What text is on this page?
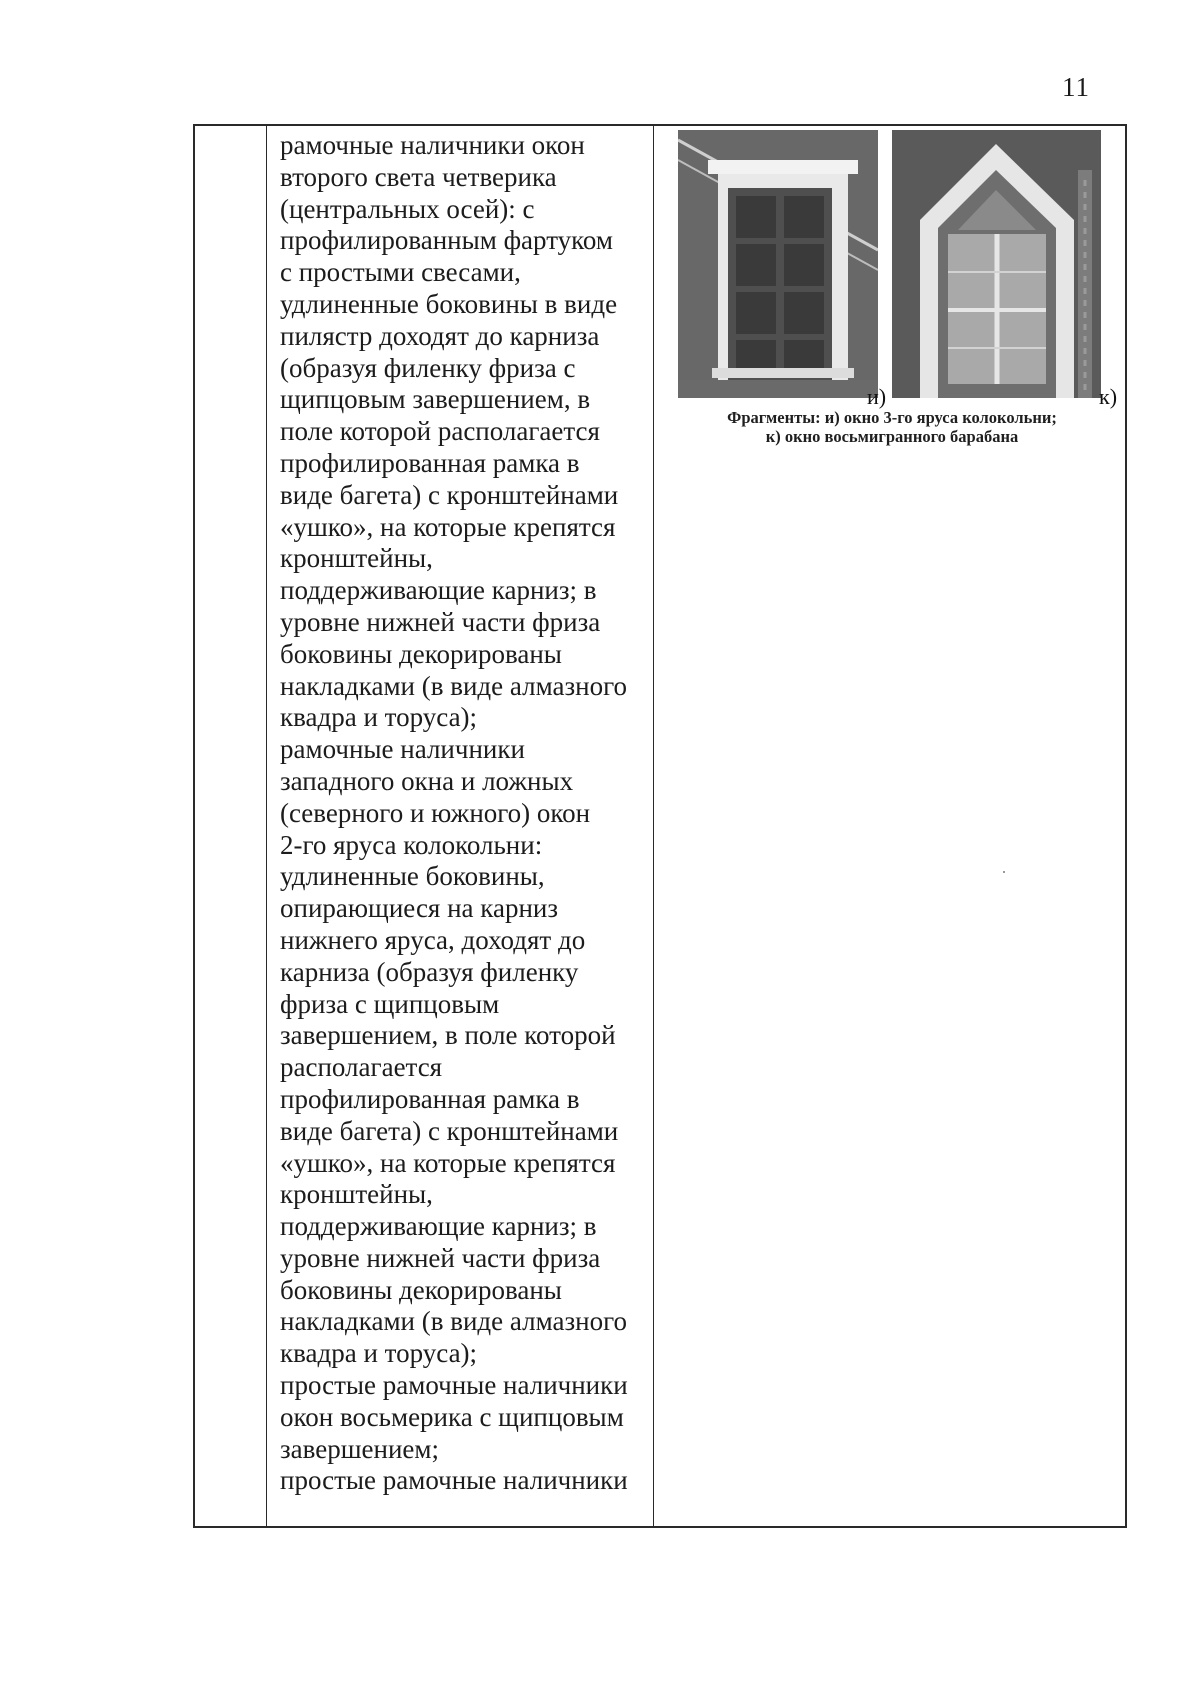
11
рамочные наличники окон
второго света четверика
(центральных осей): с
профилированным фартуком
с простыми свесами,
удлиненные боковины в виде
пилястр доходят до карниза
(образуя филенку фриза с
щипцовым завершением, в
поле которой располагается
профилированная рамка в
виде багета) с кронштейнами
«ушко», на которые крепятся
кронштейны,
поддерживающие карниз; в
уровне нижней части фриза
боковины декорированы
накладками (в виде алмазного
квадра и торуса);
рамочные наличники
западного окна и ложных
(северного и южного) окон
2-го яруса колокольни:
удлиненные боковины,
опирающиеся на карниз
нижнего яруса, доходят до
карниза (образуя филенку
фриза с щипцовым
завершением, в поле которой
располагается
профилированная рамка в
виде багета) с кронштейнами
«ушко», на которые крепятся
кронштейны,
поддерживающие карниз; в
уровне нижней части фриза
боковины декорированы
накладками (в виде алмазного
квадра и торуса);
простые рамочные наличники
окон восьмерика с щипцовым
завершением;
простые рамочные наличники
и)	к)
Фрагменты: и) окно 3-го яруса колокольни;
к) окно восьмигранного барабана
